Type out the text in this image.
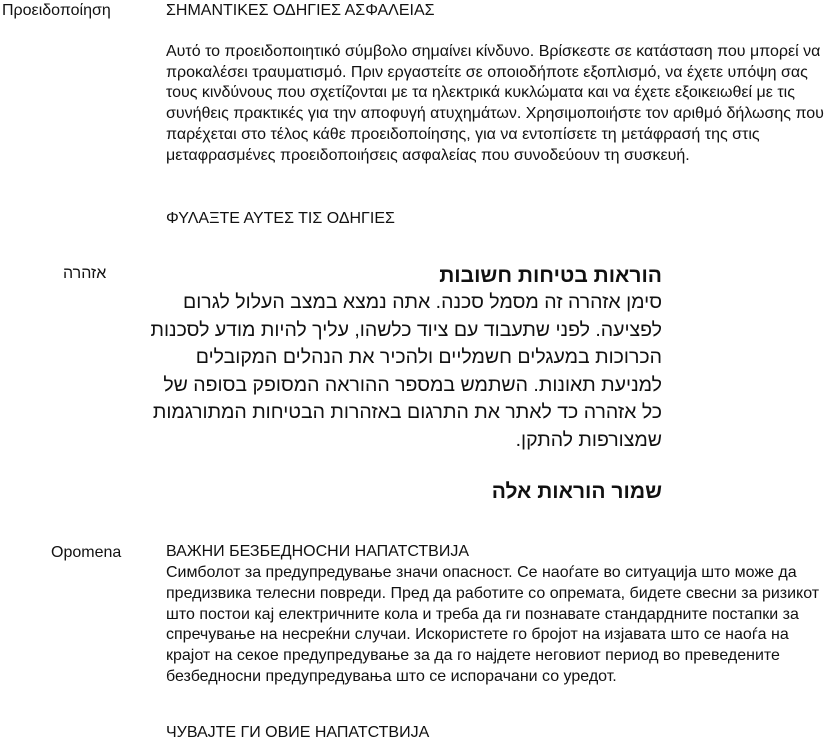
Προειδοποίηση	ΣΗΜΑΝΤΙΚΕΣ ΟΔΗΓΙΕΣ ΑΣΦΑΛΕΙΑΣ

Αυτό το προειδοποιητικό σύμβολο σημαίνει κίνδυνο. Βρίσκεστε σε κατάσταση που μπορεί να προκαλέσει τραυματισμό. Πριν εργαστείτε σε οποιοδήποτε εξοπλισμό, να έχετε υπόψη σας τους κινδύνους που σχετίζονται με τα ηλεκτρικά κυκλώματα και να έχετε εξοικειωθεί με τις συνήθεις πρακτικές για την αποφυγή ατυχημάτων. Χρησιμοποιήστε τον αριθμό δήλωσης που παρέχεται στο τέλος κάθε προειδοποίησης, για να εντοπίσετε τη μετάφρασή της στις μεταφρασμένες προειδοποιήσεις ασφαλείας που συνοδεύουν τη συσκευή.

ΦΥΛΑΞΤΕ ΑΥΤΕΣ ΤΙΣ ΟΔΗΓΙΕΣ

אזהרה	הוראות בטיחות חשובות

סימן אזהרה זה מסמל סכנה. אתה נמצא במצב העלול לגרום לפציעה. לפני שתעבוד עם ציוד כלשהו, עליך להיות מודע לסכנות הכרוכות במעגלים חשמליים ולהכיר את הנהלים המקובלים למניעת תאונות. השתמש במספר ההוראה המסופק בסופה של כל אזהרה כד לאתר את התרגום באזהרות הבטיחות המתורגמות שמצורפות להתקן.

שמור הוראות אלה

Opomena	ВАЖНИ БЕЗБЕДНОСНИ НАПАТСТВИЈА

Симболот за предупредување значи опасност. Се наоѓате во ситуација што може да предизвика телесни повреди. Пред да работите со опремата, бидете свесни за ризикот што постои кај електричните кола и треба да ги познавате стандардните постапки за спречување на несреќни случаи. Искористете го бројот на изјавата што се наоѓа на крајот на секое предупредување за да го најдете неговиот период во преведените безбедносни предупредувања што се испорачани со уредот.

ЧУВАЈТЕ ГИ ОВИЕ НАПАТСТВИЈА
